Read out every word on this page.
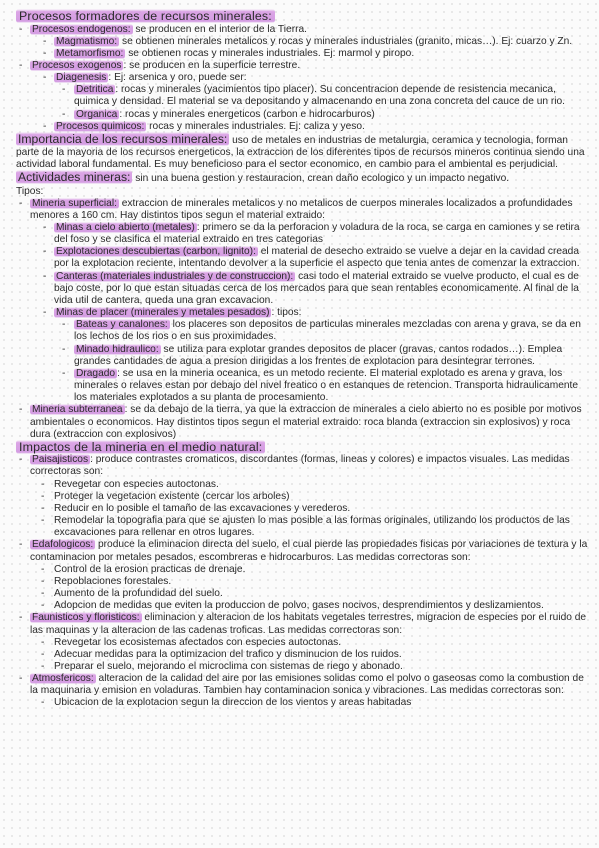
Procesos formadores de recursos minerales:
- Procesos endogenos: se producen en el interior de la Tierra.
- Magmatismo: se obtienen minerales metalicos y rocas y minerales industriales (granito, micas…). Ej: cuarzo y Zn.
- Metamorfismo: se obtienen rocas y minerales industriales. Ej: marmol y piropo.
- Procesos exogenos : se producen en la superficie terrestre.
- Diagenesis : Ej: arsenica y oro, puede ser:
- Detritica : rocas y minerales (yacimientos tipo placer). Su concentracion depende de resistencia mecanica, quimica y densidad. El material se va depositando y almacenando en una zona concreta del cauce de un rio.
- Organica : rocas y minerales energeticos (carbon e hidrocarburos)
- Procesos quimicos: rocas y minerales industriales. Ej: caliza y yeso.

Importancia de los recursos minerales: uso de metales en industrias de metalurgia, ceramica y tecnologia, forman parte de la mayoria de los recursos energeticos, la extraccion de los diferentes tipos de recursos mineros continua siendo una actividad laboral fundamental. Es muy beneficioso para el sector economico, en cambio para el ambiental es perjudicial.

Actividades mineras: sin una buena gestion y restauracion, crean daño ecologico y un impacto negativo.

Tipos:

- Mineria superficial: extraccion de minerales metalicos y no metalicos de cuerpos minerales localizados a profundidades menores a 160 cm. Hay distintos tipos segun el material extraido:
- Minas a cielo abierto (metales) : primero se da la perforacion y voladura de la roca, se carga en camiones y se retira del foso y se clasifica el material extraido en tres categorias
- Explotaciones descubiertas (carbon, lignito): el material de desecho extraido se vuelve a dejar en la cavidad creada por la explotacion reciente, intentando devolver a la superficie el aspecto que tenia antes de comenzar la extraccion.
- Canteras (materiales industriales y de construccion): casi todo el material extraido se vuelve producto, el cual es de bajo coste, por lo que estan situadas cerca de los mercados para que sean rentables economicamente. Al final de la vida util de cantera, queda una gran excavacion.
- Minas de placer (minerales y metales pesados) : tipos:
- Bateas y canalones: los placeres son depositos de particulas minerales mezcladas con arena y grava, se da en los lechos de los rios o en sus proximidades.
- Minado hidraulico: se utiliza para explotar grandes depositos de placer (gravas, cantos rodados…). Emplea grandes cantidades de agua a presion dirigidas a los frentes de explotacion para desintegrar terrones.
- Dragado : se usa en la mineria oceanica, es un metodo reciente. El material explotado es arena y grava, los minerales o relaves estan por debajo del nivel freatico o en estanques de retencion. Transporta hidraulicamente los materiales explotados a su planta de procesamiento.
- Mineria subterranea : se da debajo de la tierra, ya que la extraccion de minerales a cielo abierto no es posible por motivos ambientales o economicos. Hay distintos tipos segun el material extraido: roca blanda (extraccion sin explosivos) y roca dura (extraccion con explosivos)
Impactos de la mineria en el medio natural:
- Paisajisticos : produce contrastes cromaticos, discordantes (formas, lineas y colores) e impactos visuales. Las medidas correctoras son:
- Revegetar con especies autoctonas.
- Proteger la vegetacion existente (cercar los arboles)
- Reducir en lo posible el tamaño de las excavaciones y verederos.
- Remodelar la topografia para que se ajusten lo mas posible a las formas originales, utilizando los productos de las excavaciones para rellenar en otros lugares.
- Edafologicos: produce la eliminacion directa del suelo, el cual pierde las propiedades fisicas por variaciones de textura y la contaminacion por metales pesados, escombreras e hidrocarburos. Las medidas correctoras son:
- Control de la erosion practicas de drenaje.
- Repoblaciones forestales.
- Aumento de la profundidad del suelo.
- Adopcion de medidas que eviten la produccion de polvo, gases nocivos, desprendimientos y deslizamientos.
- Faunisticos y floristicos: eliminacion y alteracion de los habitats vegetales terrestres, migracion de especies por el ruido de las maquinas y la alteracion de las cadenas troficas. Las medidas correctoras son:
- Revegetar los ecosistemas afectados con especies autoctonas.
- Adecuar medidas para la optimizacion del trafico y disminucion de los ruidos.
- Preparar el suelo, mejorando el microclima con sistemas de riego y abonado.
- Atmosfericos: alteracion de la calidad del aire por las emisiones solidas como el polvo o gaseosas como la combustion de la maquinaria y emision en voladuras. Tambien hay contaminacion sonica y vibraciones. Las medidas correctoras son:
- Ubicacion de la explotacion segun la direccion de los vientos y areas habitadas
